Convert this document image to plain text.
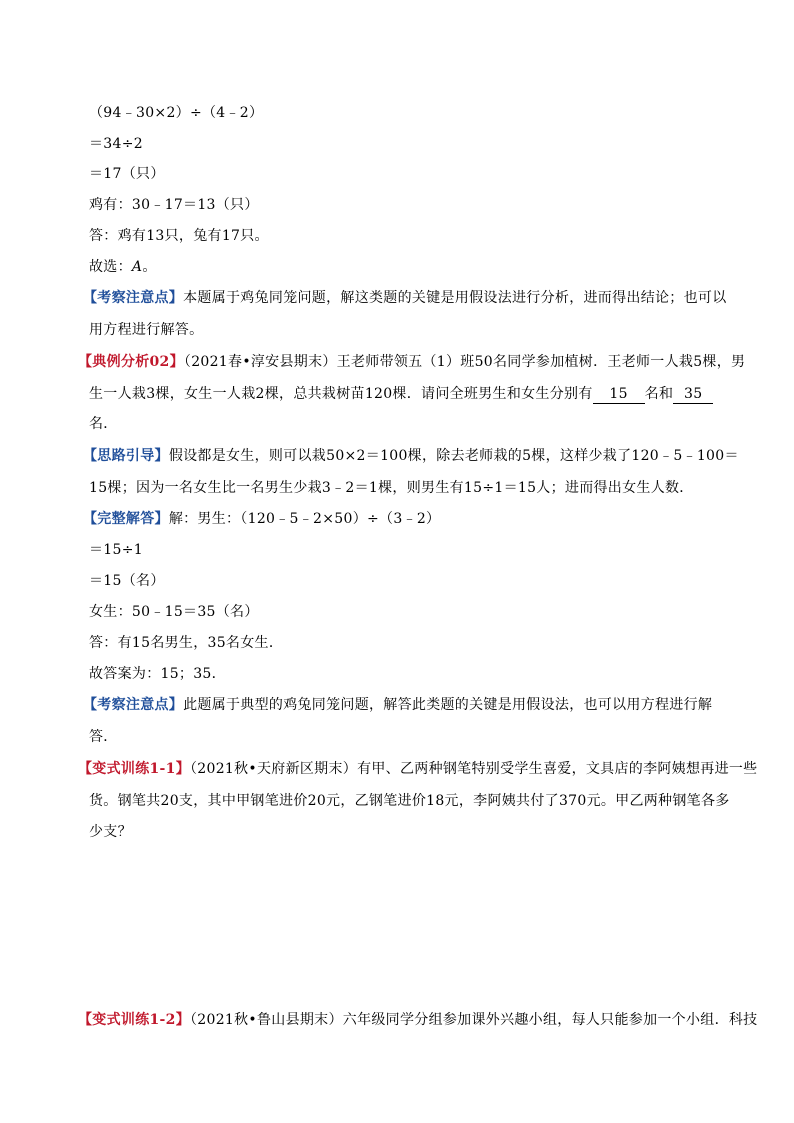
（94﹣30×2）÷（4﹣2）
＝34÷2
＝17（只）
鸡有：30﹣17＝13（只）
答：鸡有13只，兔有17只。
故选：A。
【考察注意点】本题属于鸡兔同笼问题，解这类题的关键是用假设法进行分析，进而得出结论；也可以
用方程进行解答。
【典例分析02】（2021春•淳安县期末）王老师带领五（1）班50名同学参加植树．王老师一人栽5棵，男
生一人栽3棵，女生一人栽2棵，总共栽树苗120棵．请问全班男生和女生分别有 15 名和 35
名．
【思路引导】假设都是女生，则可以栽50×2＝100棵，除去老师栽的5棵，这样少栽了120﹣5﹣100＝
15棵；因为一名女生比一名男生少栽3﹣2＝1棵，则男生有15÷1＝15人；进而得出女生人数．
【完整解答】解：男生：（120﹣5﹣2×50）÷（3﹣2）
＝15÷1
＝15（名）
女生：50﹣15＝35（名）
答：有15名男生，35名女生．
故答案为：15；35．
【考察注意点】此题属于典型的鸡兔同笼问题，解答此类题的关键是用假设法，也可以用方程进行解
答．
【变式训练1-1】（2021秋•天府新区期末）有甲、乙两种钢笔特别受学生喜爱，文具店的李阿姨想再进一些
货。钢笔共20支，其中甲钢笔进价20元，乙钢笔进价18元，李阿姨共付了370元。甲乙两种钢笔各多
少支？
【变式训练1-2】（2021秋•鲁山县期末）六年级同学分组参加课外兴趣小组，每人只能参加一个小组．科技
